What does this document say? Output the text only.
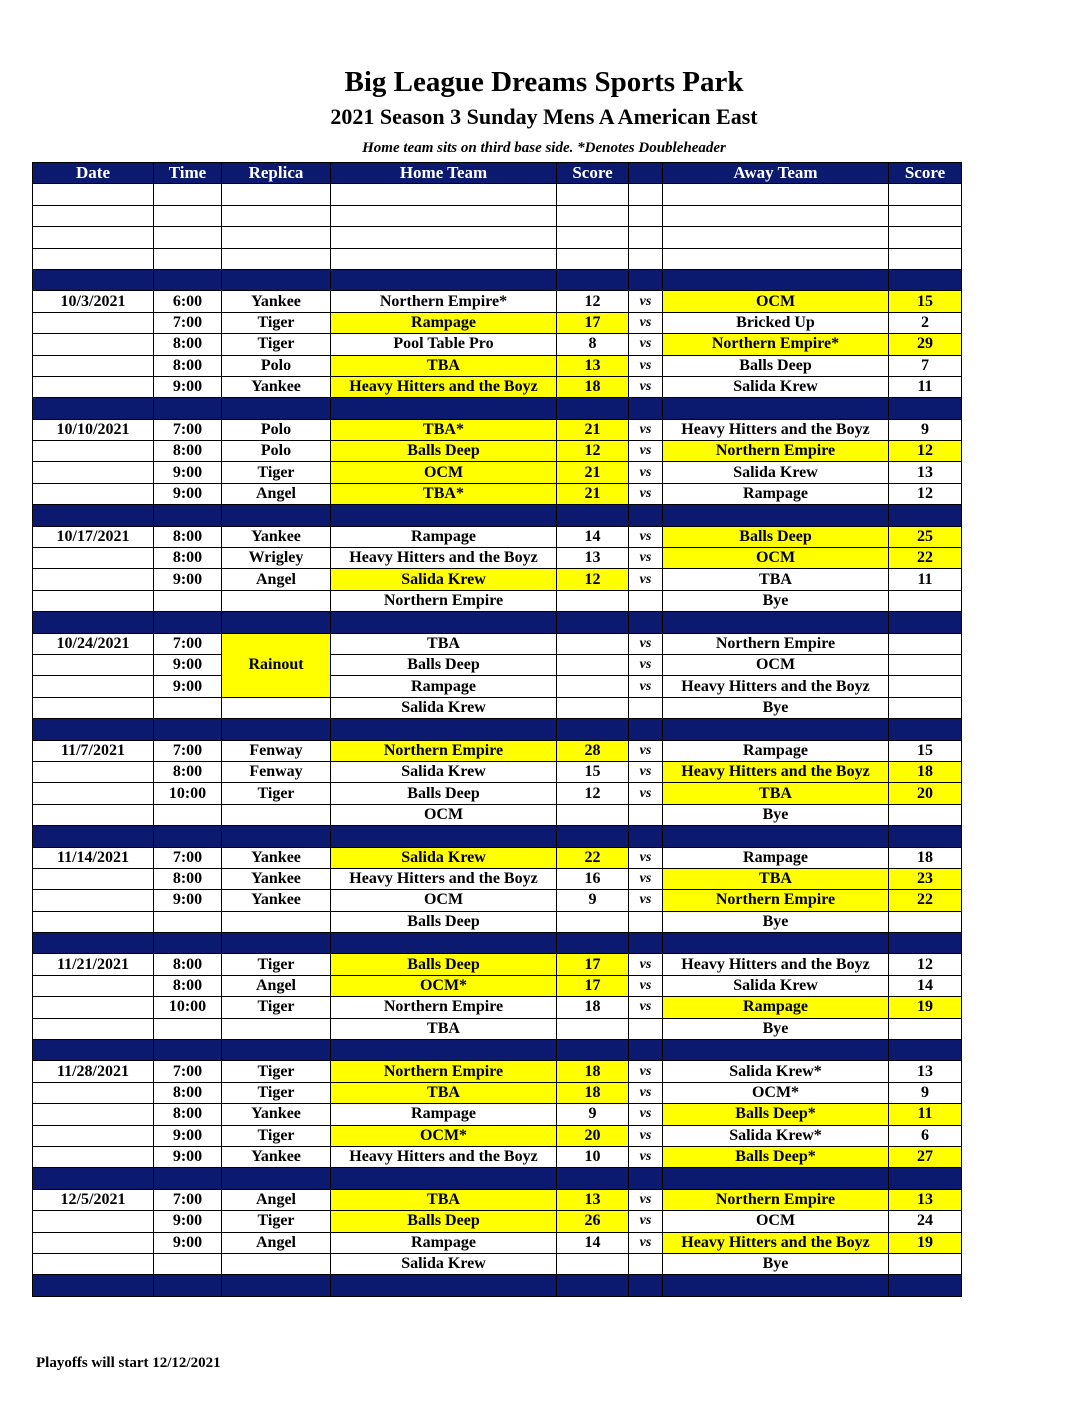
Big League Dreams Sports Park
2021 Season 3 Sunday Mens A American East
Home team sits on third base side. *Denotes Doubleheader
Date	Time	Replica	Home Team	Score		Away Team	Score

10/3/2021	6:00	Yankee	Northern Empire*	12	vs	OCM	15
	7:00	Tiger	Rampage	17	vs	Bricked Up	2
	8:00	Tiger	Pool Table Pro	8	vs	Northern Empire*	29
	8:00	Polo	TBA	13	vs	Balls Deep	7
	9:00	Yankee	Heavy Hitters and the Boyz	18	vs	Salida Krew	11

10/10/2021	7:00	Polo	TBA*	21	vs	Heavy Hitters and the Boyz	9
	8:00	Polo	Balls Deep	12	vs	Northern Empire	12
	9:00	Tiger	OCM	21	vs	Salida Krew	13
	9:00	Angel	TBA*	21	vs	Rampage	12

10/17/2021	8:00	Yankee	Rampage	14	vs	Balls Deep	25
	8:00	Wrigley	Heavy Hitters and the Boyz	13	vs	OCM	22
	9:00	Angel	Salida Krew	12	vs	TBA	11
			Northern Empire			Bye	

10/24/2021	7:00	Rainout	TBA		vs	Northern Empire	
	9:00		Balls Deep		vs	OCM	
	9:00		Rampage		vs	Heavy Hitters and the Boyz	
			Salida Krew			Bye	

11/7/2021	7:00	Fenway	Northern Empire	28	vs	Rampage	15
	8:00	Fenway	Salida Krew	15	vs	Heavy Hitters and the Boyz	18
	10:00	Tiger	Balls Deep	12	vs	TBA	20
			OCM			Bye	

11/14/2021	7:00	Yankee	Salida Krew	22	vs	Rampage	18
	8:00	Yankee	Heavy Hitters and the Boyz	16	vs	TBA	23
	9:00	Yankee	OCM	9	vs	Northern Empire	22
			Balls Deep			Bye	

11/21/2021	8:00	Tiger	Balls Deep	17	vs	Heavy Hitters and the Boyz	12
	8:00	Angel	OCM*	17	vs	Salida Krew	14
	10:00	Tiger	Northern Empire	18	vs	Rampage	19
			TBA			Bye	

11/28/2021	7:00	Tiger	Northern Empire	18	vs	Salida Krew*	13
	8:00	Tiger	TBA	18	vs	OCM*	9
	8:00	Yankee	Rampage	9	vs	Balls Deep*	11
	9:00	Tiger	OCM*	20	vs	Salida Krew*	6
	9:00	Yankee	Heavy Hitters and the Boyz	10	vs	Balls Deep*	27

12/5/2021	7:00	Angel	TBA	13	vs	Northern Empire	13
	9:00	Tiger	Balls Deep	26	vs	OCM	24
	9:00	Angel	Rampage	14	vs	Heavy Hitters and the Boyz	19
			Salida Krew			Bye	

Playoffs will start 12/12/2021
